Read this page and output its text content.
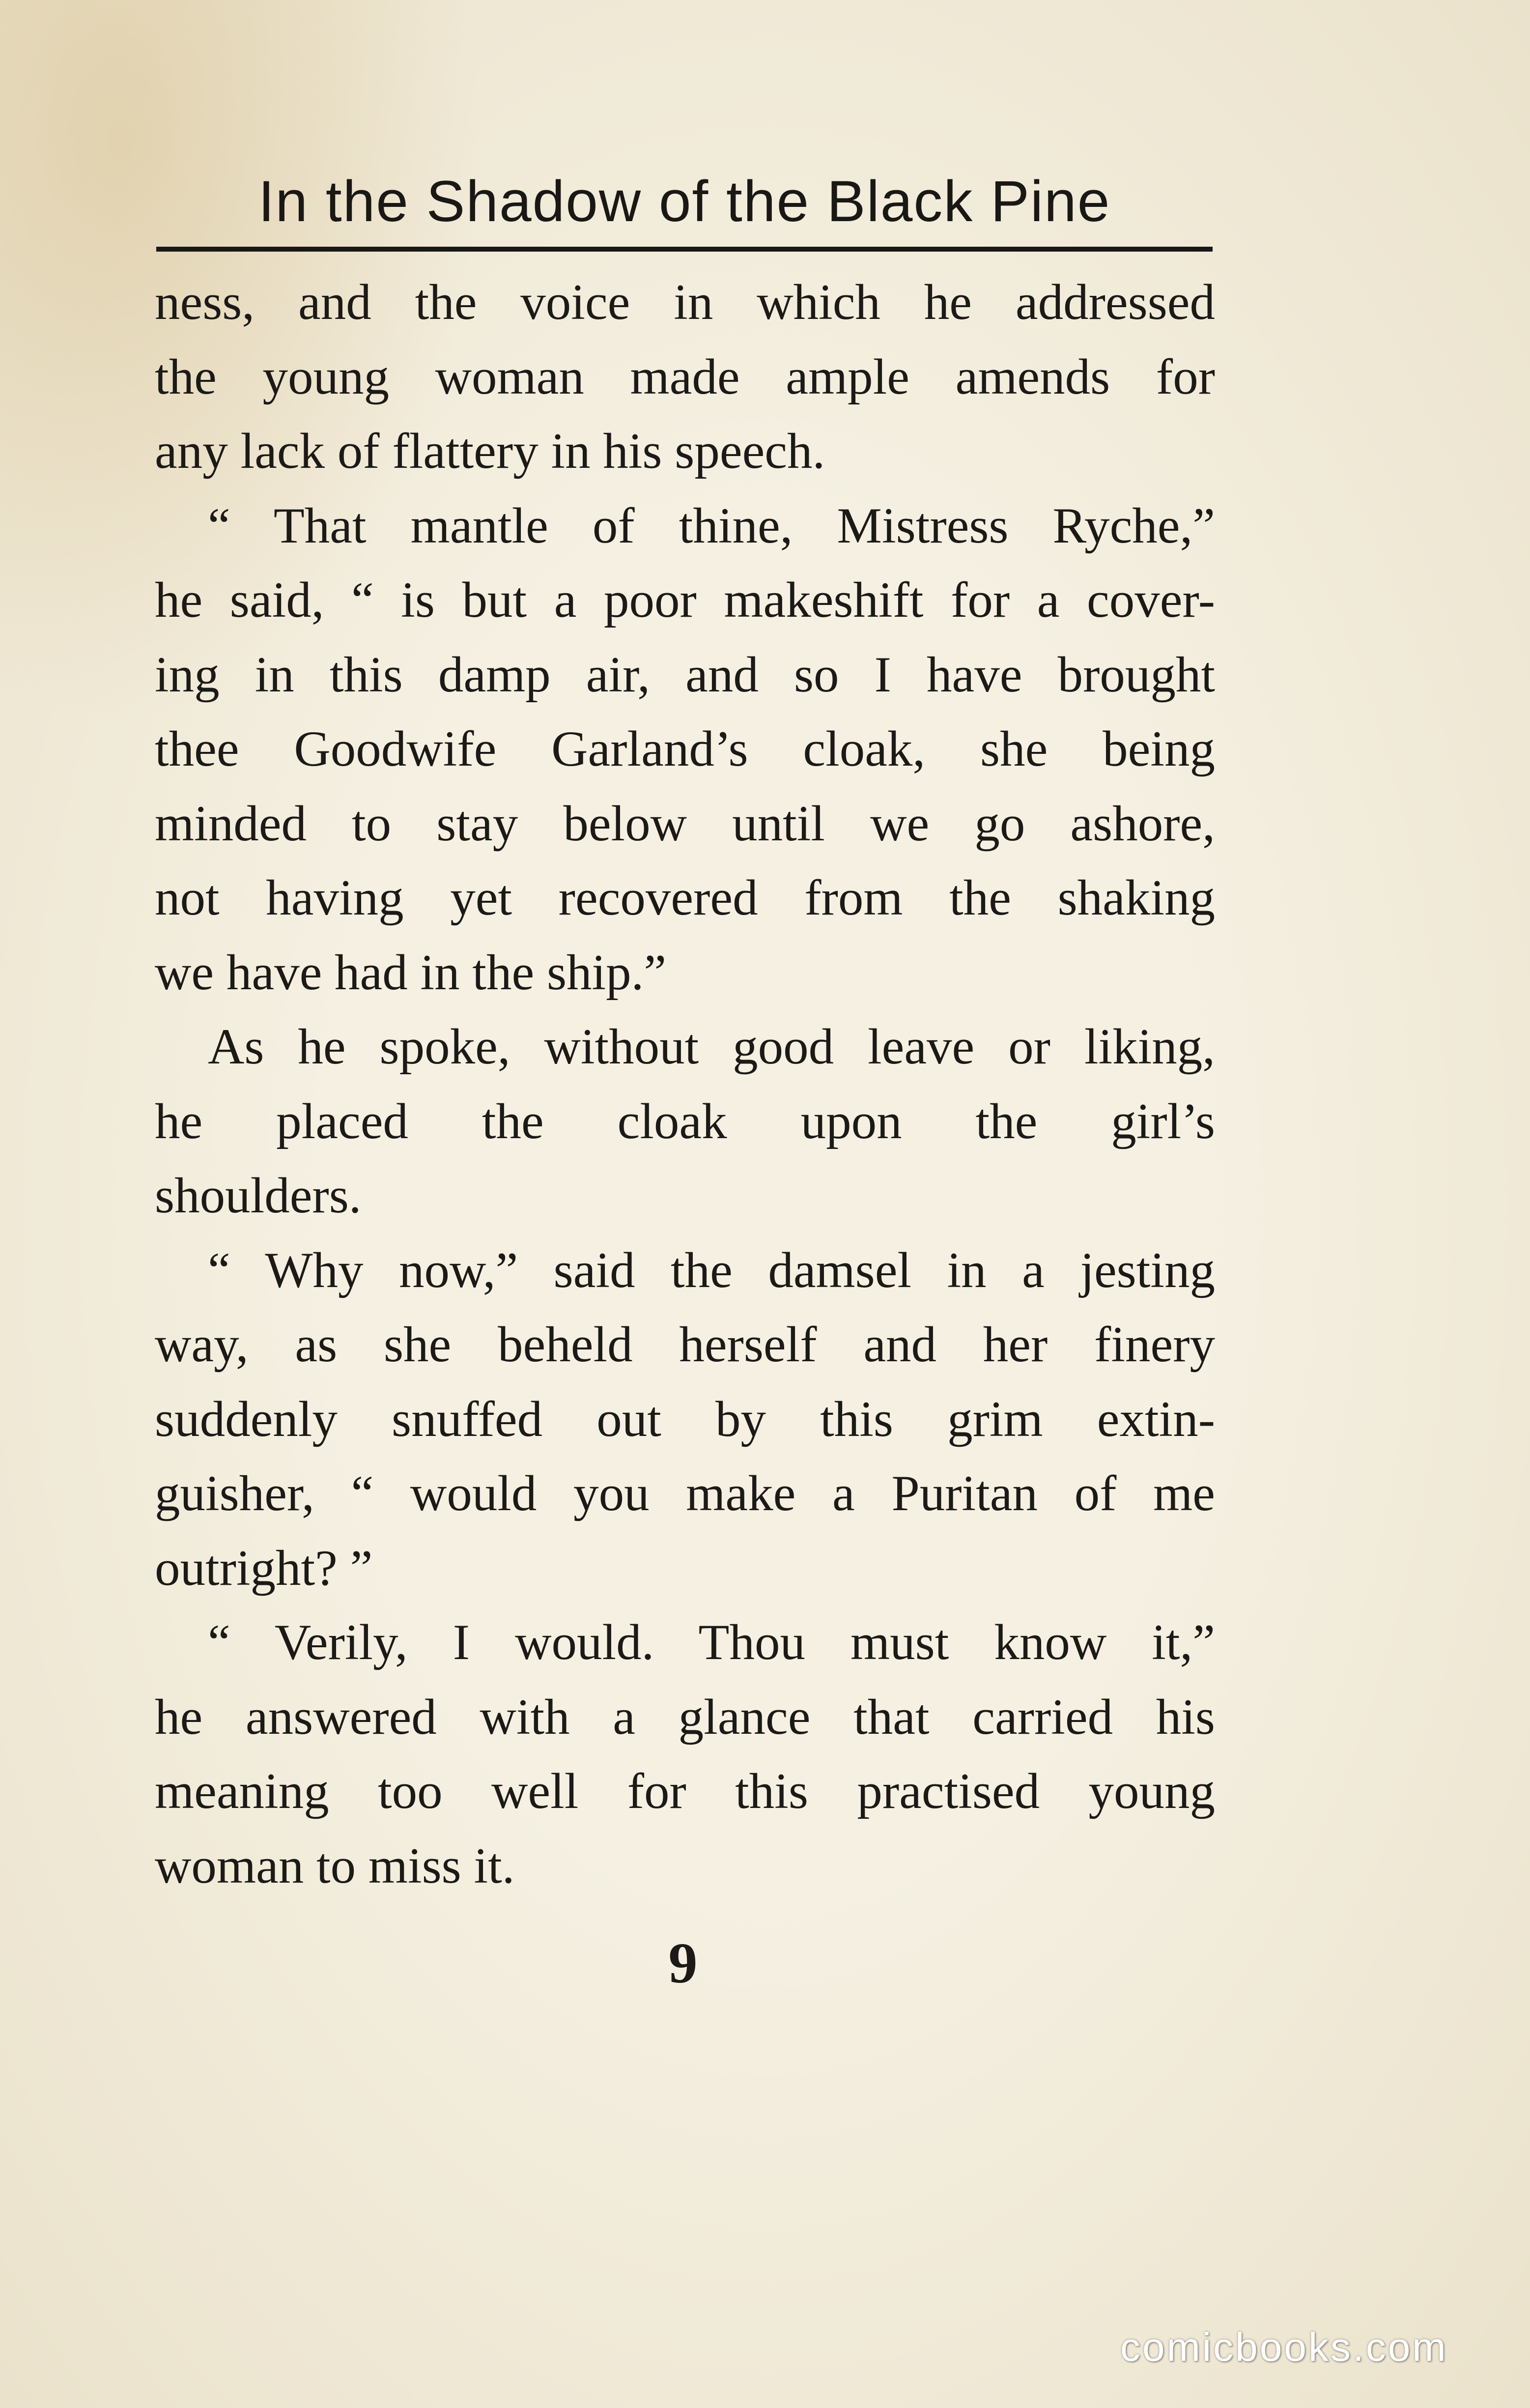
In the Shadow of the Black Pine
ness, and the voice in which he addressed
the young woman made ample amends for
any lack of flattery in his speech.
“ That mantle of thine, Mistress Ryche,”
he said, “ is but a poor makeshift for a cover-
ing in this damp air, and so I have brought
thee Goodwife Garland’s cloak, she being
minded to stay below until we go ashore,
not having yet recovered from the shaking
we have had in the ship.”
As he spoke, without good leave or liking,
he placed the cloak upon the girl’s
shoulders.
“ Why now,” said the damsel in a jesting
way, as she beheld herself and her finery
suddenly snuffed out by this grim extin-
guisher, “ would you make a Puritan of me
outright? ”
“ Verily, I would. Thou must know it,”
he answered with a glance that carried his
meaning too well for this practised young
woman to miss it.
9
comicbooks.com
